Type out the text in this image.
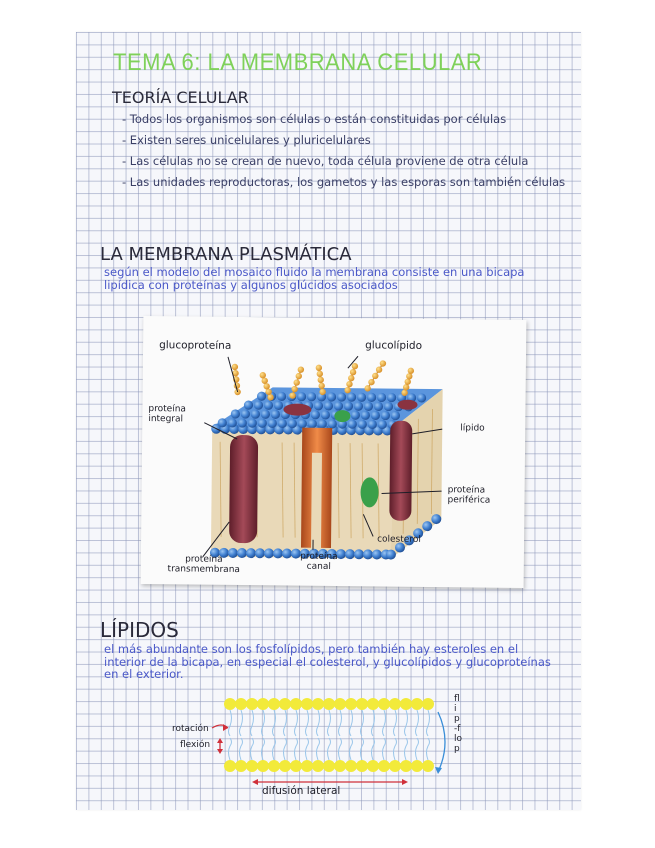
TEMA 6: LA MEMBRANA CELULAR
TEORÍA CELULAR
- Todos los organismos son células o están constituidas por células
- Existen seres unicelulares y pluricelulares
- Las células no se crean de nuevo, toda célula proviene de otra célula
- Las unidades reproductoras, los gametos y las esporas son también células
LA MEMBRANA PLASMÁTICA
según el modelo del mosaico fluido la membrana consiste en una bicapa lipídica con proteínas y algunos glúcidos asociados
glucoproteína	glucolípido
proteína integral
lípido
proteína periférica
colesterol
proteína canal
proteína transmembrana
LÍPIDOS
el más abundante son los fosfolípidos, pero también hay esteroles en el interior de la bicapa, en especial el colesterol, y glucolípidos y glucoproteínas en el exterior.
rotación
flexión
difusión lateral
flip-flop
